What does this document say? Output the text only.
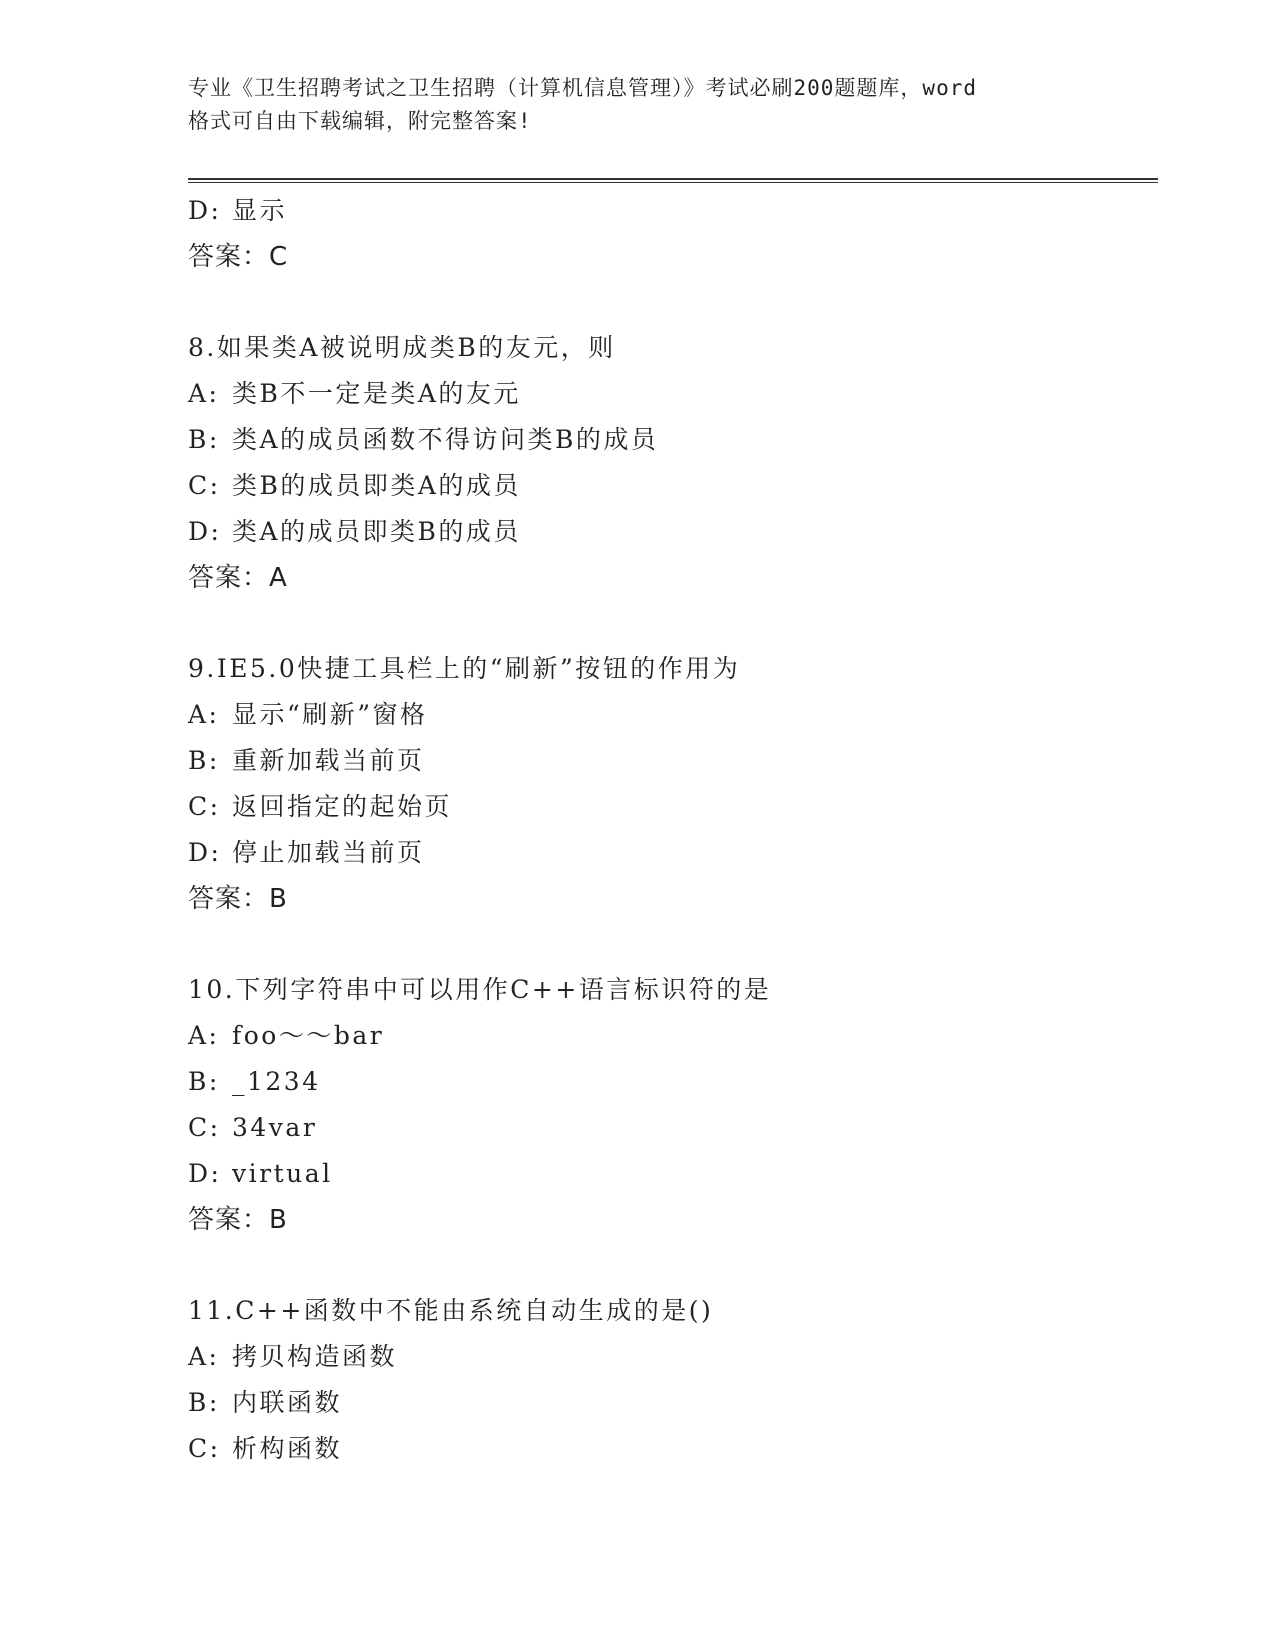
专业《卫生招聘考试之卫生招聘（计算机信息管理）》考试必刷200题题库，word
格式可自由下载编辑，附完整答案!
D: 显示
答案：C
8.如果类A被说明成类B的友元，则
A: 类B不一定是类A的友元
B: 类A的成员函数不得访问类B的成员
C: 类B的成员即类A的成员
D: 类A的成员即类B的成员
答案：A
9.IE5.0快捷工具栏上的“刷新”按钮的作用为
A: 显示“刷新”窗格
B: 重新加载当前页
C: 返回指定的起始页
D: 停止加载当前页
答案：B
10.下列字符串中可以用作C++语言标识符的是
A: foo～～bar
B: _1234
C: 34var
D: virtual
答案：B
11.C++函数中不能由系统自动生成的是()
A: 拷贝构造函数
B: 内联函数
C: 析构函数
